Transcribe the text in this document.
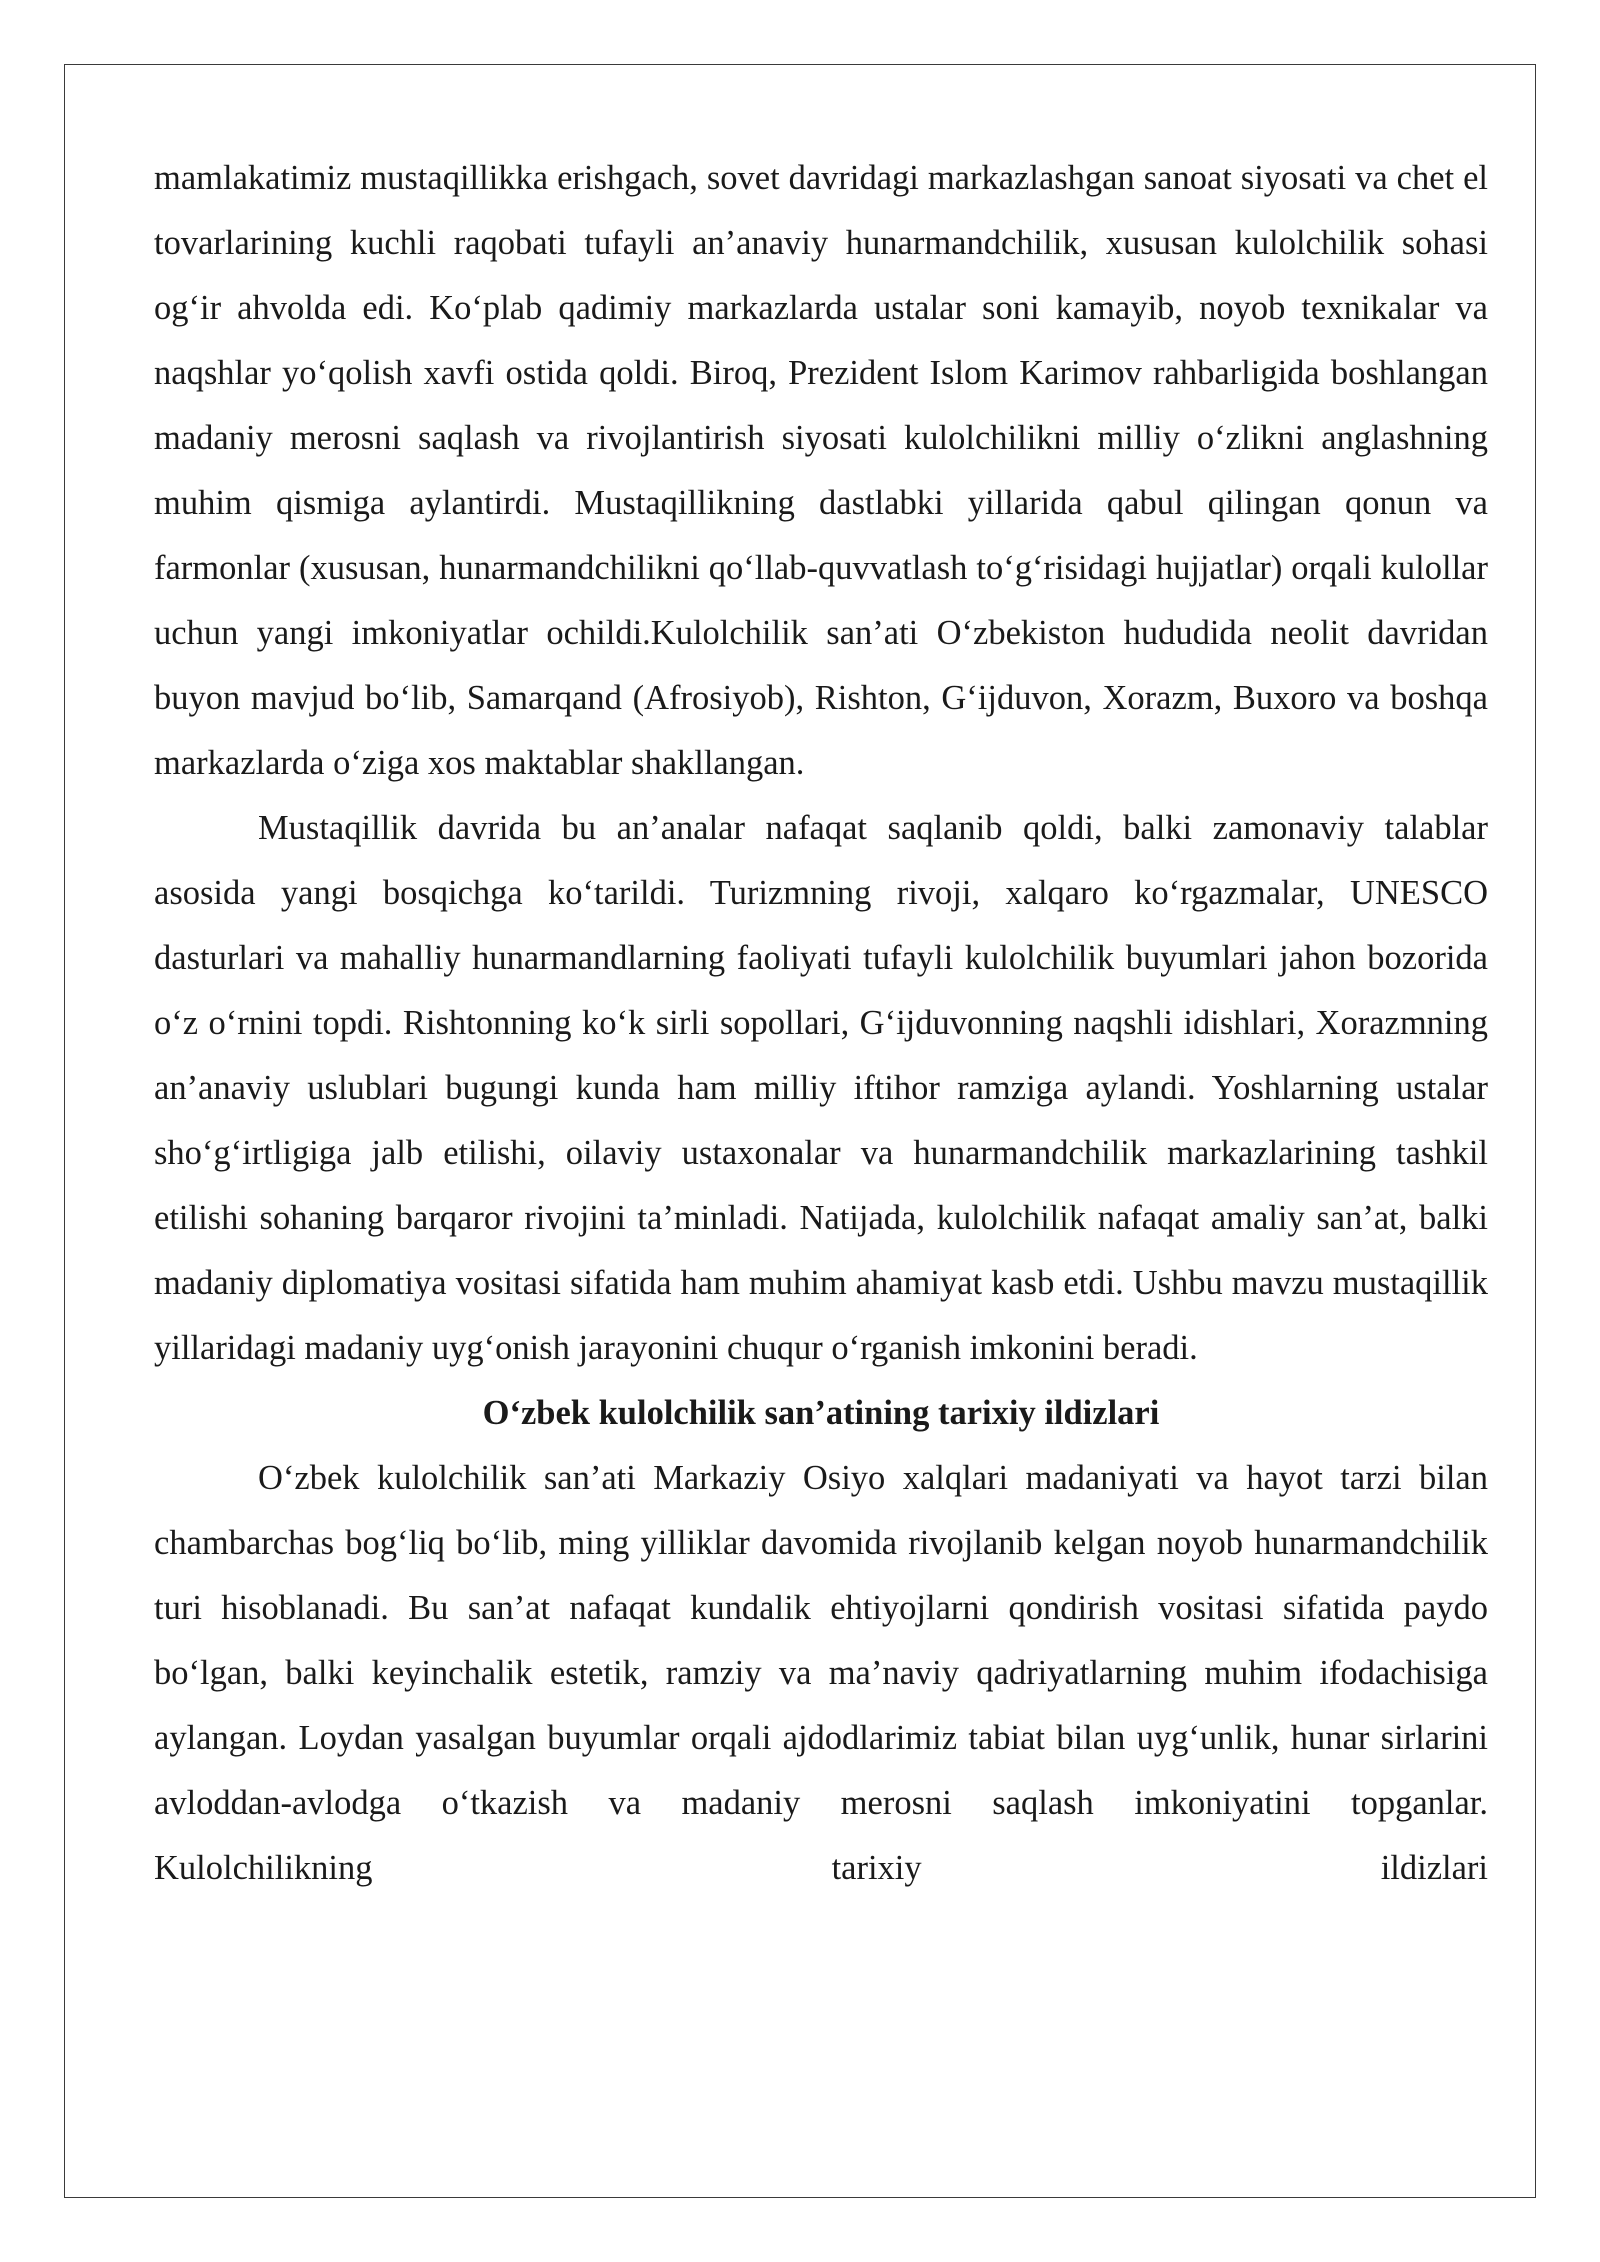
mamlakatimiz mustaqillikka erishgach, sovet davridagi markazlashgan sanoat siyosati va chet el tovarlarining kuchli raqobati tufayli an’anaviy hunarmandchilik, xususan kulolchilik sohasi og‘ir ahvolda edi. Ko‘plab qadimiy markazlarda ustalar soni kamayib, noyob texnikalar va naqshlar yo‘qolish xavfi ostida qoldi. Biroq, Prezident Islom Karimov rahbarligida boshlangan madaniy merosni saqlash va rivojlantirish siyosati kulolchilikni milliy o‘zlikni anglashning muhim qismiga aylantirdi. Mustaqillikning dastlabki yillarida qabul qilingan qonun va farmonlar (xususan, hunarmandchilikni qo‘llab-quvvatlash to‘g‘risidagi hujjatlar) orqali kulollar uchun yangi imkoniyatlar ochildi.Kulolchilik san’ati O‘zbekiston hududida neolit davridan buyon mavjud bo‘lib, Samarqand (Afrosiyob), Rishton, G‘ijduvon, Xorazm, Buxoro va boshqa markazlarda o‘ziga xos maktablar shakllangan.

Mustaqillik davrida bu an’analar nafaqat saqlanib qoldi, balki zamonaviy talablar asosida yangi bosqichga ko‘tarildi. Turizmning rivoji, xalqaro ko‘rgazmalar, UNESCO dasturlari va mahalliy hunarmandlarning faoliyati tufayli kulolchilik buyumlari jahon bozorida o‘z o‘rnini topdi. Rishtonning ko‘k sirli sopollari, G‘ijduvonning naqshli idishlari, Xorazmning an’anaviy uslublari bugungi kunda ham milliy iftihor ramziga aylandi. Yoshlarning ustalar sho‘g‘irtligiga jalb etilishi, oilaviy ustaxonalar va hunarmandchilik markazlarining tashkil etilishi sohaning barqaror rivojini ta’minladi. Natijada, kulolchilik nafaqat amaliy san’at, balki madaniy diplomatiya vositasi sifatida ham muhim ahamiyat kasb etdi. Ushbu mavzu mustaqillik yillaridagi madaniy uyg‘onish jarayonini chuqur o‘rganish imkonini beradi.

O‘zbek kulolchilik san’atining tarixiy ildizlari

O‘zbek kulolchilik san’ati Markaziy Osiyo xalqlari madaniyati va hayot tarzi bilan chambarchas bog‘liq bo‘lib, ming yilliklar davomida rivojlanib kelgan noyob hunarmandchilik turi hisoblanadi. Bu san’at nafaqat kundalik ehtiyojlarni qondirish vositasi sifatida paydo bo‘lgan, balki keyinchalik estetik, ramziy va ma’naviy qadriyatlarning muhim ifodachisiga aylangan. Loydan yasalgan buyumlar orqali ajdodlarimiz tabiat bilan uyg‘unlik, hunar sirlarini avloddan-avlodga o‘tkazish va madaniy merosni saqlash imkoniyatini topganlar. Kulolchilikning tarixiy ildizlari
